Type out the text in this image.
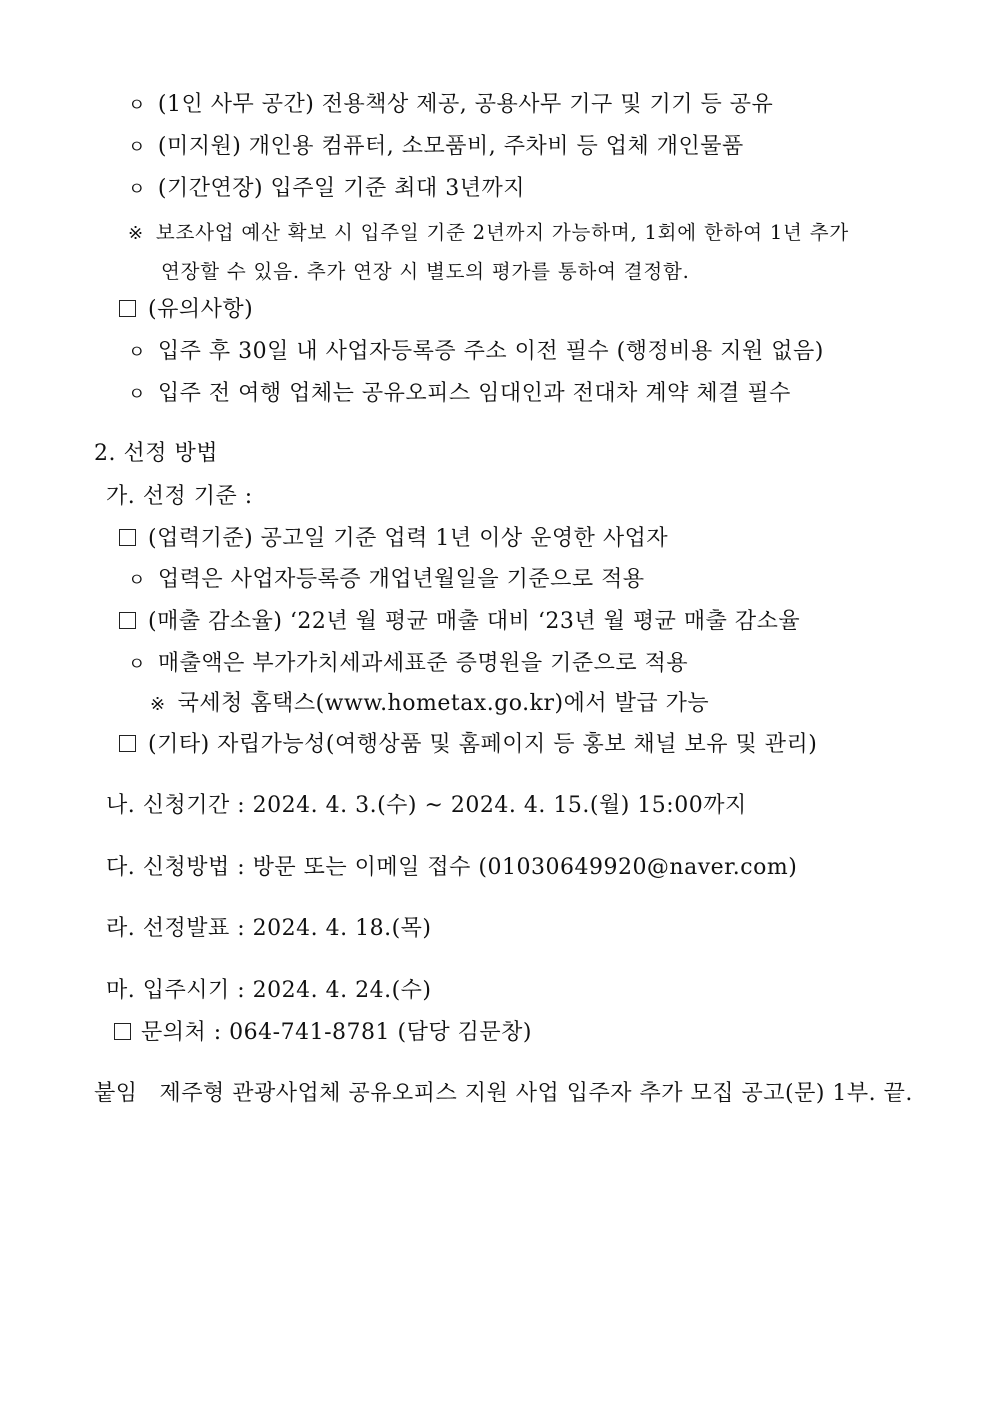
ㅇ (1인 사무 공간) 전용책상 제공, 공용사무 기구 및 기기 등 공유
ㅇ (미지원) 개인용 컴퓨터, 소모품비, 주차비 등 업체 개인물품
ㅇ (기간연장) 입주일 기준 최대 3년까지
※ 보조사업 예산 확보 시 입주일 기준 2년까지 가능하며, 1회에 한하여 1년 추가
연장할 수 있음. 추가 연장 시 별도의 평가를 통하여 결정함.
(유의사항)
ㅇ 입주 후 30일 내 사업자등록증 주소 이전 필수 (행정비용 지원 없음)
ㅇ 입주 전 여행 업체는 공유오피스 임대인과 전대차 계약 체결 필수
2. 선정 방법
가. 선정 기준 :
(업력기준) 공고일 기준 업력 1년 이상 운영한 사업자
ㅇ 업력은 사업자등록증 개업년월일을 기준으로 적용
(매출 감소율) ‘22년 월 평균 매출 대비 ‘23년 월 평균 매출 감소율
ㅇ 매출액은 부가가치세과세표준 증명원을 기준으로 적용
※ 국세청 홈택스(www.hometax.go.kr)에서 발급 가능
(기타) 자립가능성(여행상품 및 홈페이지 등 홍보 채널 보유 및 관리)
나. 신청기간 : 2024. 4. 3.(수) ~ 2024. 4. 15.(월) 15:00까지
다. 신청방법 : 방문 또는 이메일 접수 (01030649920@naver.com)
라. 선정발표 : 2024. 4. 18.(목)
마. 입주시기 : 2024. 4. 24.(수)
문의처 : 064-741-8781 (담당 김문창)
붙임 제주형 관광사업체 공유오피스 지원 사업 입주자 추가 모집 공고(문) 1부. 끝.
